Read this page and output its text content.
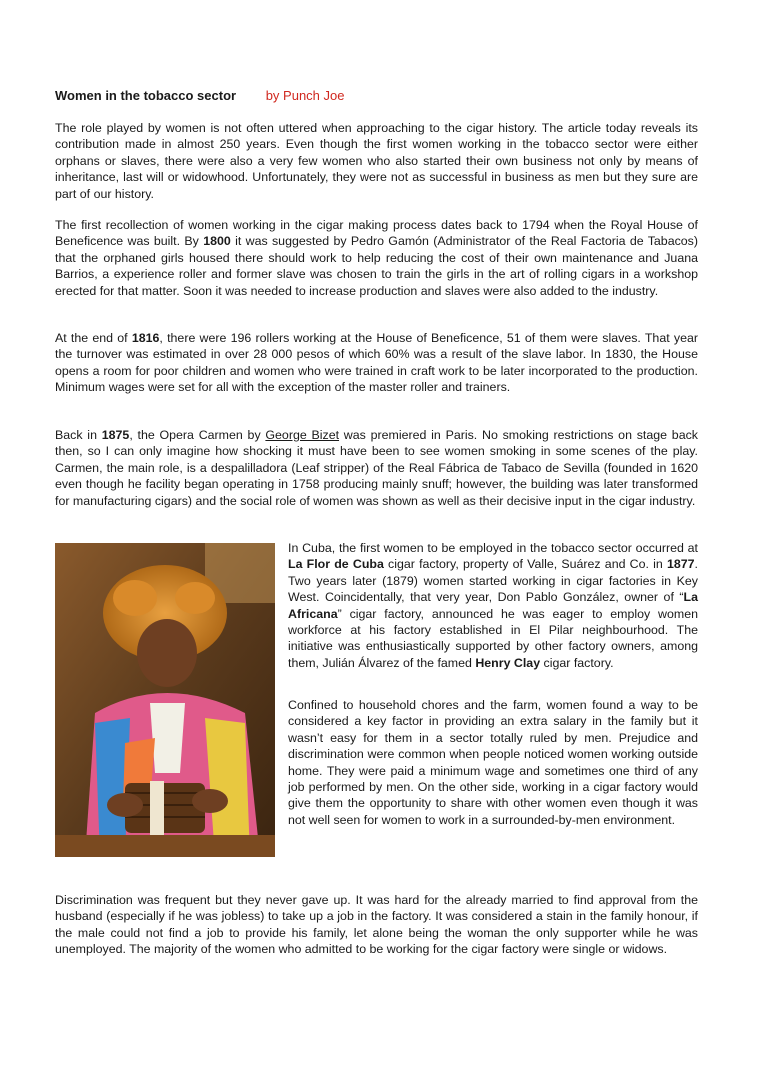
Women in the tobacco sector by Punch Joe

The role played by women is not often uttered when approaching to the cigar history. The article today reveals its contribution made in almost 250 years. Even though the first women working in the tobacco sector were either orphans or slaves, there were also a very few women who also started their own business not only by means of inheritance, last will or widowhood. Unfortunately, they were not as successful in business as men but they sure are part of our history.

The first recollection of women working in the cigar making process dates back to 1794 when the Royal House of Beneficence was built. By 1800 it was suggested by Pedro Gamón (Administrator of the Real Factoria de Tabacos) that the orphaned girls housed there should work to help reducing the cost of their own maintenance and Juana Barrios, a experience roller and former slave was chosen to train the girls in the art of rolling cigars in a workshop erected for that matter. Soon it was needed to increase production and slaves were also added to the industry.

At the end of 1816, there were 196 rollers working at the House of Beneficence, 51 of them were slaves. That year the turnover was estimated in over 28 000 pesos of which 60% was a result of the slave labor. In 1830, the House opens a room for poor children and women who were trained in craft work to be later incorporated to the production. Minimum wages were set for all with the exception of the master roller and trainers.

Back in 1875, the Opera Carmen by George Bizet was premiered in Paris. No smoking restrictions on stage back then, so I can only imagine how shocking it must have been to see women smoking in some scenes of the play. Carmen, the main role, is a despalilladora (Leaf stripper) of the Real Fábrica de Tabaco de Sevilla (founded in 1620 even though he facility began operating in 1758 producing mainly snuff; however, the building was later transformed for manufacturing cigars) and the social role of women was shown as well as their decisive input in the cigar industry.

In Cuba, the first women to be employed in the tobacco sector occurred at La Flor de Cuba cigar factory, property of Valle, Suárez and Co. in 1877. Two years later (1879) women started working in cigar factories in Key West. Coincidentally, that very year, Don Pablo González, owner of “La Africana” cigar factory, announced he was eager to employ women workforce at his factory established in El Pilar neighbourhood. The initiative was enthusiastically supported by other factory owners, among them, Julián Álvarez of the famed Henry Clay cigar factory.

Confined to household chores and the farm, women found a way to be considered a key factor in providing an extra salary in the family but it wasn’t easy for them in a sector totally ruled by men. Prejudice and discrimination were common when people noticed women working outside home. They were paid a minimum wage and sometimes one third of any job performed by men. On the other side, working in a cigar factory would give them the opportunity to share with other women even though it was not well seen for women to work in a surrounded-by-men environment.

Discrimination was frequent but they never gave up. It was hard for the already married to find approval from the husband (especially if he was jobless) to take up a job in the factory. It was considered a stain in the family honour, if the male could not find a job to provide his family, let alone being the woman the only supporter while he was unemployed. The majority of the women who admitted to be working for the cigar factory were single or widows.
